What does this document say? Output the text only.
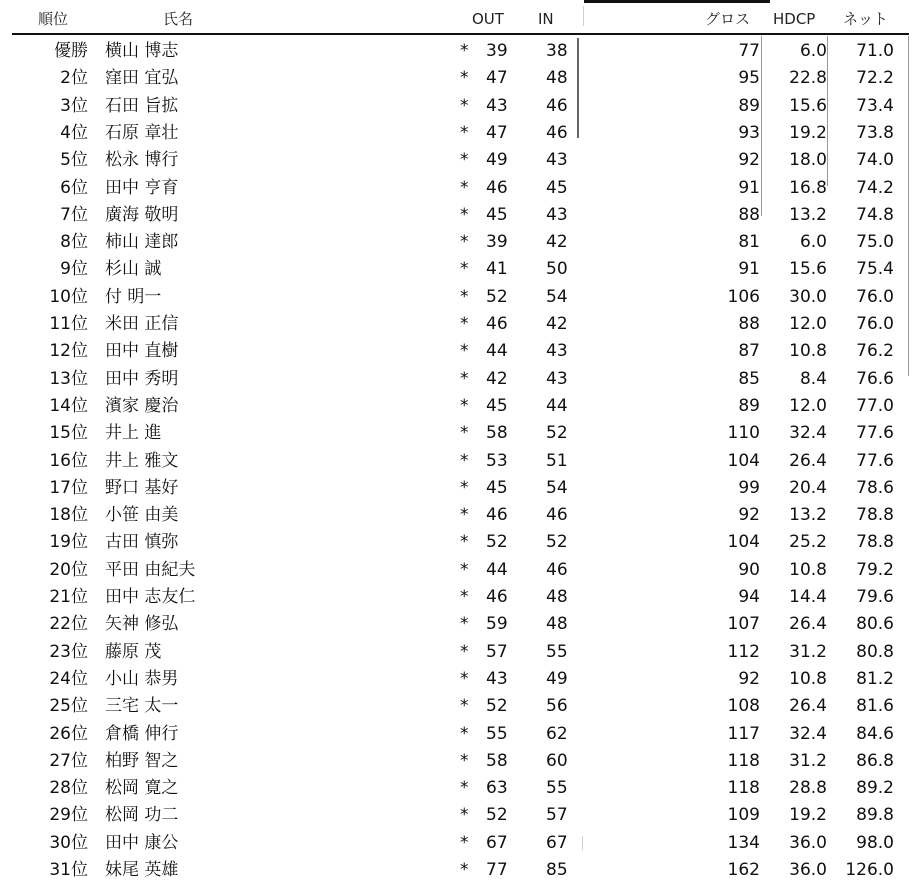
順位	氏名	OUT IN	グロス HDCP ネット
優勝 横山 博志	* 39 38	77	6.0	71.0
2位 窪田 宜弘	* 47 48	95	22.8	72.2
3位 石田 旨拡	* 43 46	89	15.6	73.4
4位 石原 章壮	* 47 46	93	19.2	73.8
5位 松永 博行	* 49 43	92	18.0	74.0
6位 田中 亨育	* 46 45	91	16.8	74.2
7位 廣海 敬明	* 45 43	88	13.2	74.8
8位 柿山 達郎	* 39 42	81	6.0	75.0
9位 杉山 誠	* 41 50	91	15.6	75.4
10位 付 明一	* 52 54	106	30.0	76.0
11位 米田 正信	* 46 42	88	12.0	76.0
12位 田中 直樹	* 44 43	87	10.8	76.2
13位 田中 秀明	* 42 43	85	8.4	76.6
14位 濱家 慶治	* 45 44	89	12.0	77.0
15位 井上 進	* 58 52	110	32.4	77.6
16位 井上 雅文	* 53 51	104	26.4	77.6
17位 野口 基好	* 45 54	99	20.4	78.6
18位 小笹 由美	* 46 46	92	13.2	78.8
19位 古田 慎弥	* 52 52	104	25.2	78.8
20位 平田 由紀夫	* 44 46	90	10.8	79.2
21位 田中 志友仁	* 46 48	94	14.4	79.6
22位 矢神 修弘	* 59 48	107	26.4	80.6
23位 藤原 茂	* 57 55	112	31.2	80.8
24位 小山 恭男	* 43 49	92	10.8	81.2
25位 三宅 太一	* 52 56	108	26.4	81.6
26位 倉橋 伸行	* 55 62	117	32.4	84.6
27位 柏野 智之	* 58 60	118	31.2	86.8
28位 松岡 寛之	* 63 55	118	28.8	89.2
29位 松岡 功二	* 52 57	109	19.2	89.8
30位 田中 康公	* 67 67	134	36.0	98.0
31位 妹尾 英雄	* 77 85	162	36.0	126.0
